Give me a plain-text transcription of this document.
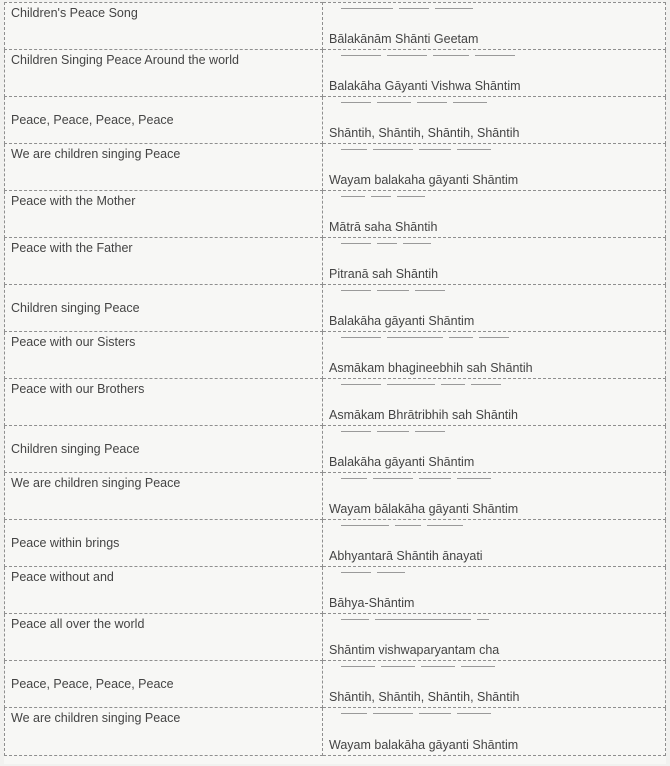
Children's Peace Song	Bālakānām Shānti Geetam

Children Singing Peace Around the world	Balakāha Gāyanti Vishwa Shāntim

Peace, Peace, Peace, Peace	Shāntih, Shāntih, Shāntih, Shāntih

We are children singing Peace	Wayam balakaha gāyanti Shāntim

Peace with the Mother	Mātrā saha Shāntih

Peace with the Father	Pitranā sah Shāntih

Children singing Peace	Balakāha gāyanti Shāntim

Peace with our Sisters	Asmākam bhagineebhih sah Shāntih

Peace with our Brothers	Asmākam Bhrātribhih sah Shāntih

Children singing Peace	Balakāha gāyanti Shāntim

We are children singing Peace	Wayam bālakāha gāyanti Shāntim

Peace within brings	Abhyantarā Shāntih ānayati

Peace without and	Bāhya-Shāntim

Peace all over the world	Shāntim vishwaparyantam cha

Peace, Peace, Peace, Peace	Shāntih, Shāntih, Shāntih, Shāntih

We are children singing Peace	Wayam balakāha gāyanti Shāntim
